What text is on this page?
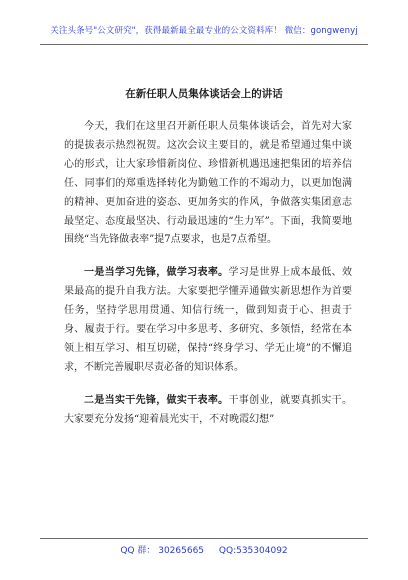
关注头条号"公文研究"，获得最新最全最专业的公文资料库！ 微信：gongwenyj
在新任职人员集体谈话会上的讲话

今天，我们在这里召开新任职人员集体谈话会，首先对大家的提拔表示热烈祝贺。这次会议主要目的，就是希望通过集中谈心的形式，让大家珍惜新岗位、珍惜新机遇迅速把集团的培养信任、同事们的郑重选择转化为勤勉工作的不竭动力，以更加饱满的精神、更加奋进的姿态、更加务实的作风，争做落实集团意志最坚定、态度最坚决、行动最迅速的“生力军”。下面，我简要地围绕“当先锋做表率”提7点要求，也是7点希望。

一是当学习先锋，做学习表率。学习是世界上成本最低、效果最高的提升自我方法。大家要把学懂弄通做实新思想作为首要任务，坚持学思用贯通、知信行统一，做到知责于心、担责于身、履责于行。要在学习中多思考、多研究、多领悟，经常在本领上相互学习、相互切磋，保持“终身学习、学无止境”的不懈追求，不断完善履职尽责必备的知识体系。

二是当实干先锋，做实干表率。干事创业，就要真抓实干。大家要充分发扬“迎着晨光实干，不对晚霞幻想”

QQ 群： 30265665 QQ:535304092
